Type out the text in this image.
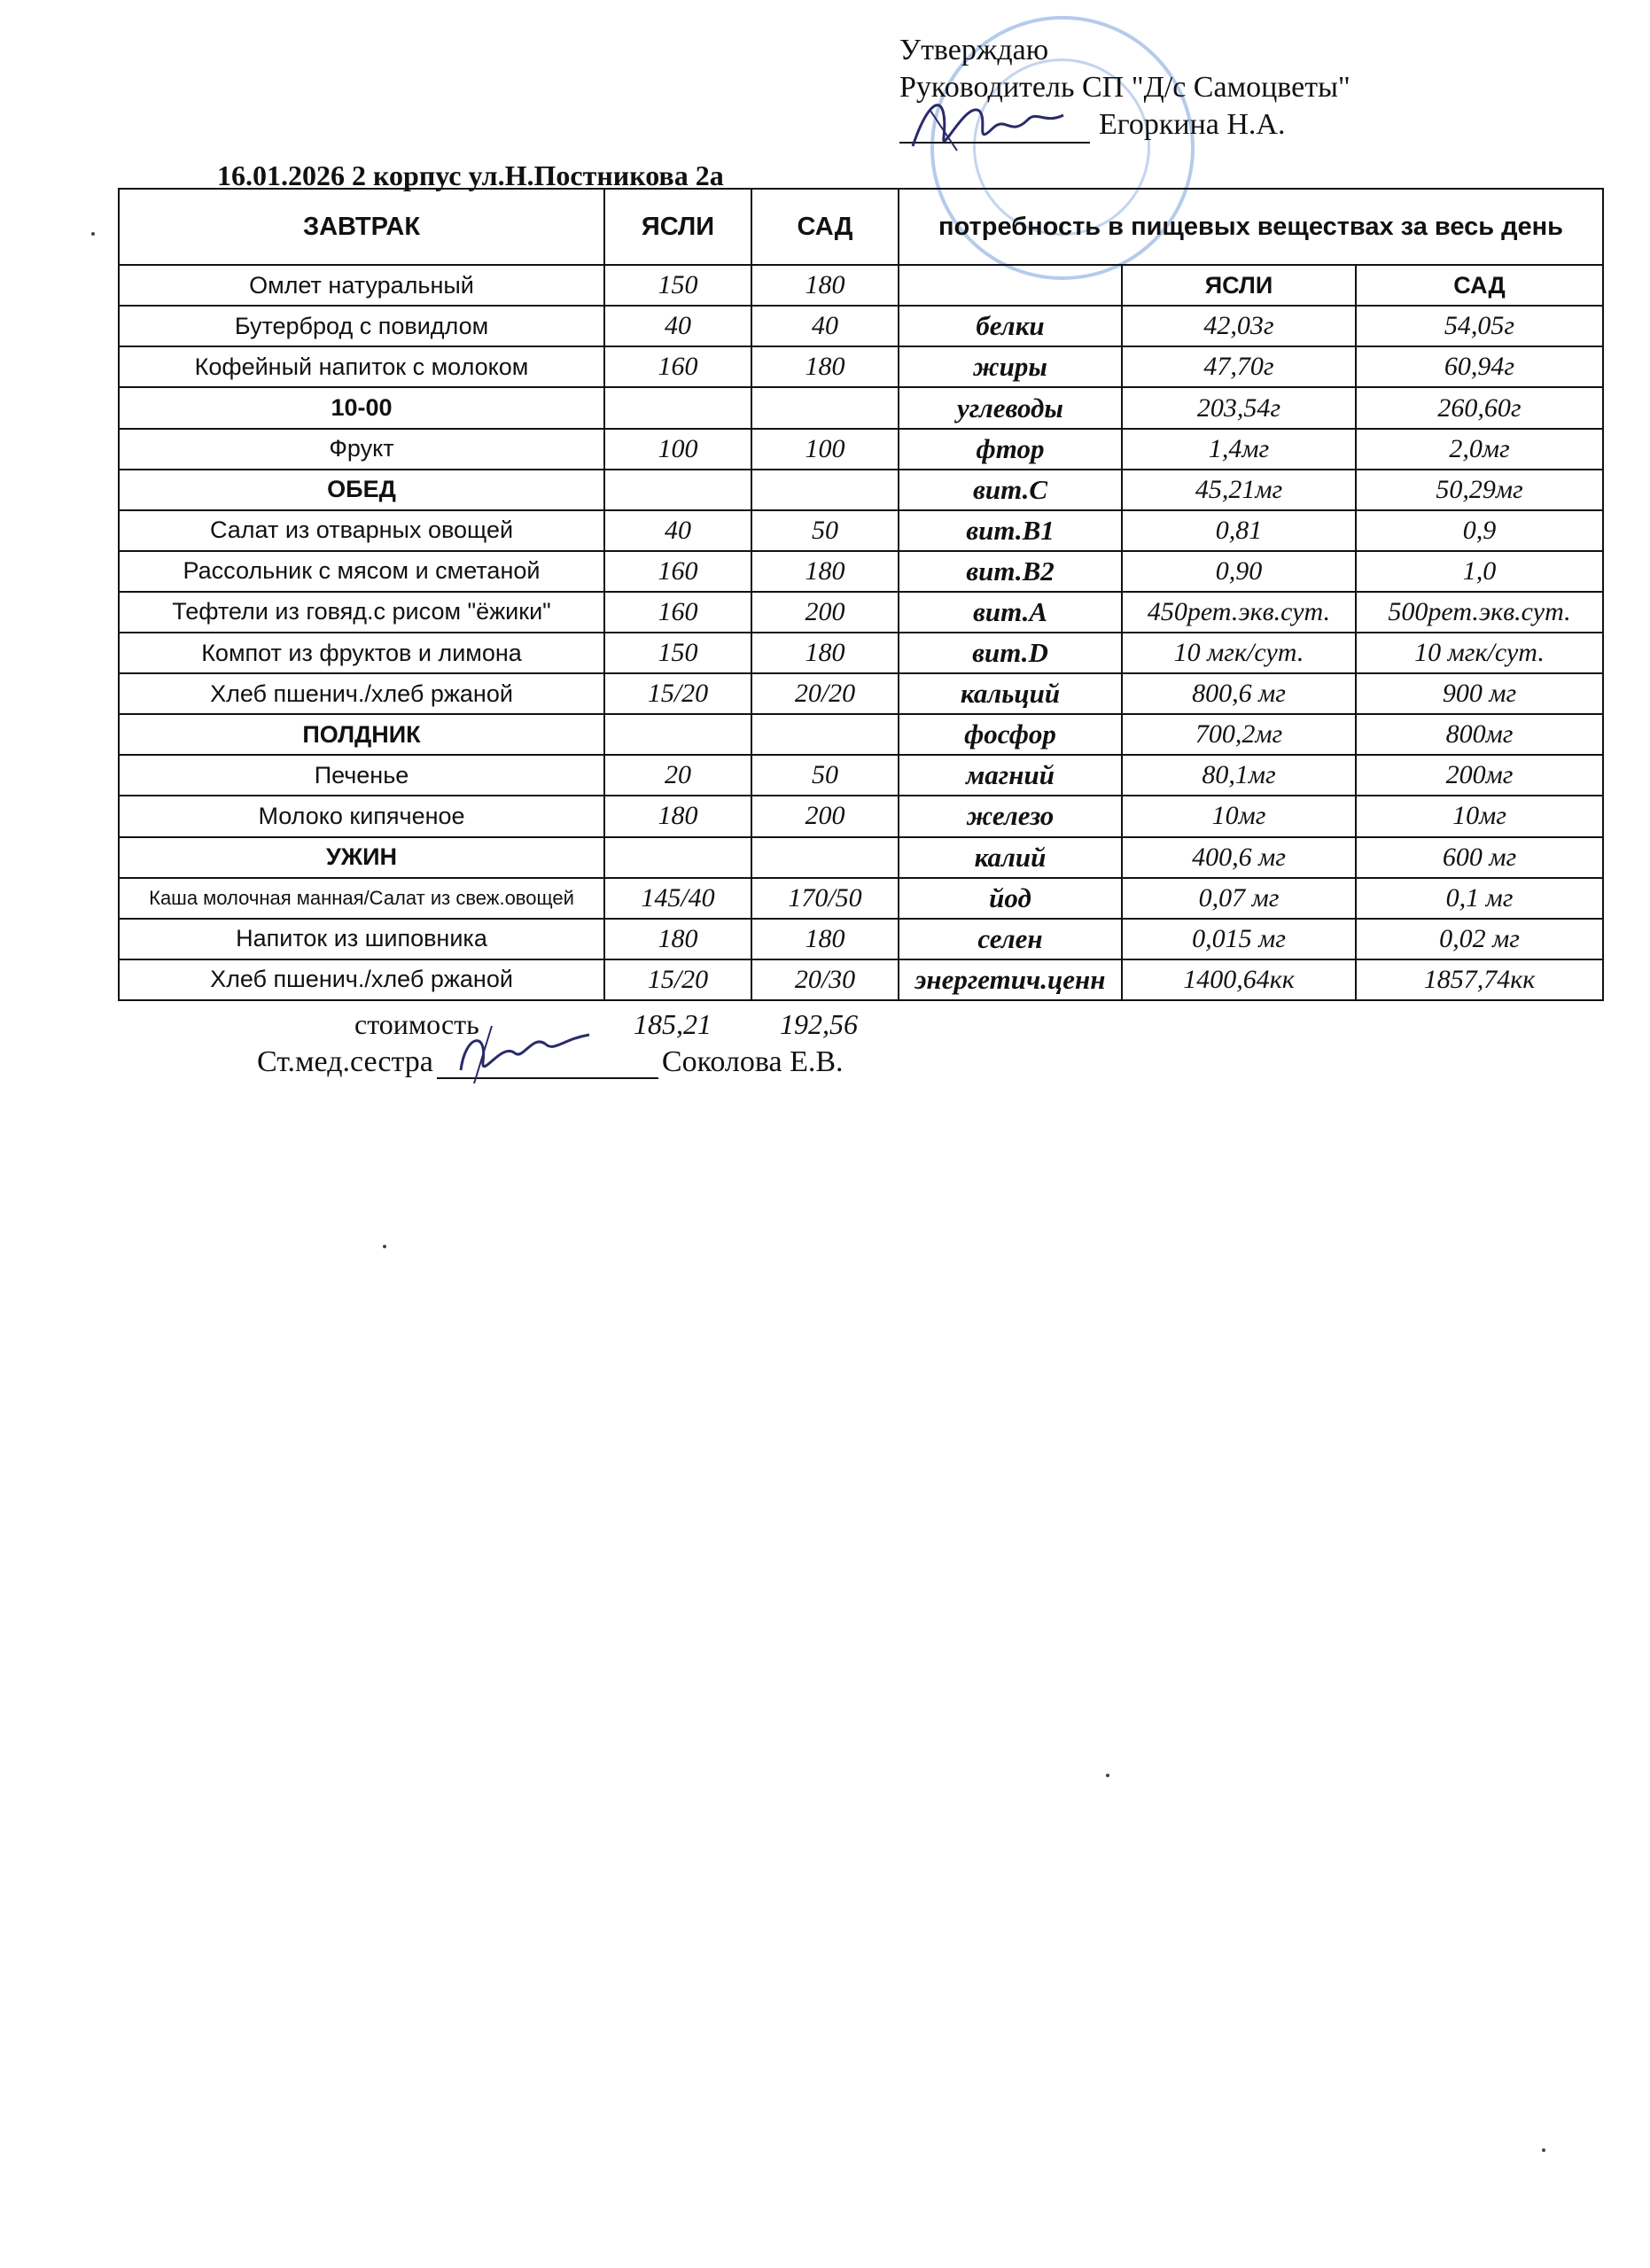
Утверждаю
Руководитель СП "Д/с Самоцветы"
Егоркина Н.А.
16.01.2026 2 корпус ул.Н.Постникова 2а
ЗАВТРАК	ЯСЛИ	САД	потребность в пищевых веществах за весь день		
Омлет натуральный	150	180		ЯСЛИ	САД
Бутерброд с повидлом	40	40	белки	42,03г	54,05г
Кофейный напиток с молоком	160	180	жиры	47,70г	60,94г
10-00			углеводы	203,54г	260,60г
Фрукт	100	100	фтор	1,4мг	2,0мг
ОБЕД			вит.С	45,21мг	50,29мг
Салат из отварных овощей	40	50	вит.В1	0,81	0,9
Рассольник с мясом и сметаной	160	180	вит.В2	0,90	1,0
Тефтели из говяд.с рисом "ёжики"	160	200	вит.А	450рет.экв.сут.	500рет.экв.сут.
Компот из фруктов и лимона	150	180	вит.D	10 мгк/сут.	10 мгк/сут.
Хлеб пшенич./хлеб ржаной	15/20	20/20	кальций	800,6 мг	900 мг
ПОЛДНИК			фосфор	700,2мг	800мг
Печенье	20	50	магний	80,1мг	200мг
Молоко кипяченое	180	200	железо	10мг	10мг
УЖИН			калий	400,6 мг	600 мг
Каша молочная манная/Салат из свеж.овощей	145/40	170/50	йод	0,07 мг	0,1 мг
Напиток из шиповника	180	180	селен	0,015 мг	0,02 мг
Хлеб пшенич./хлеб ржаной	15/20	20/30	энергетич.ценн	1400,64кк	1857,74кк
стоимость	185,21 192,56
Ст.мед.сестра	Соколова Е.В.
